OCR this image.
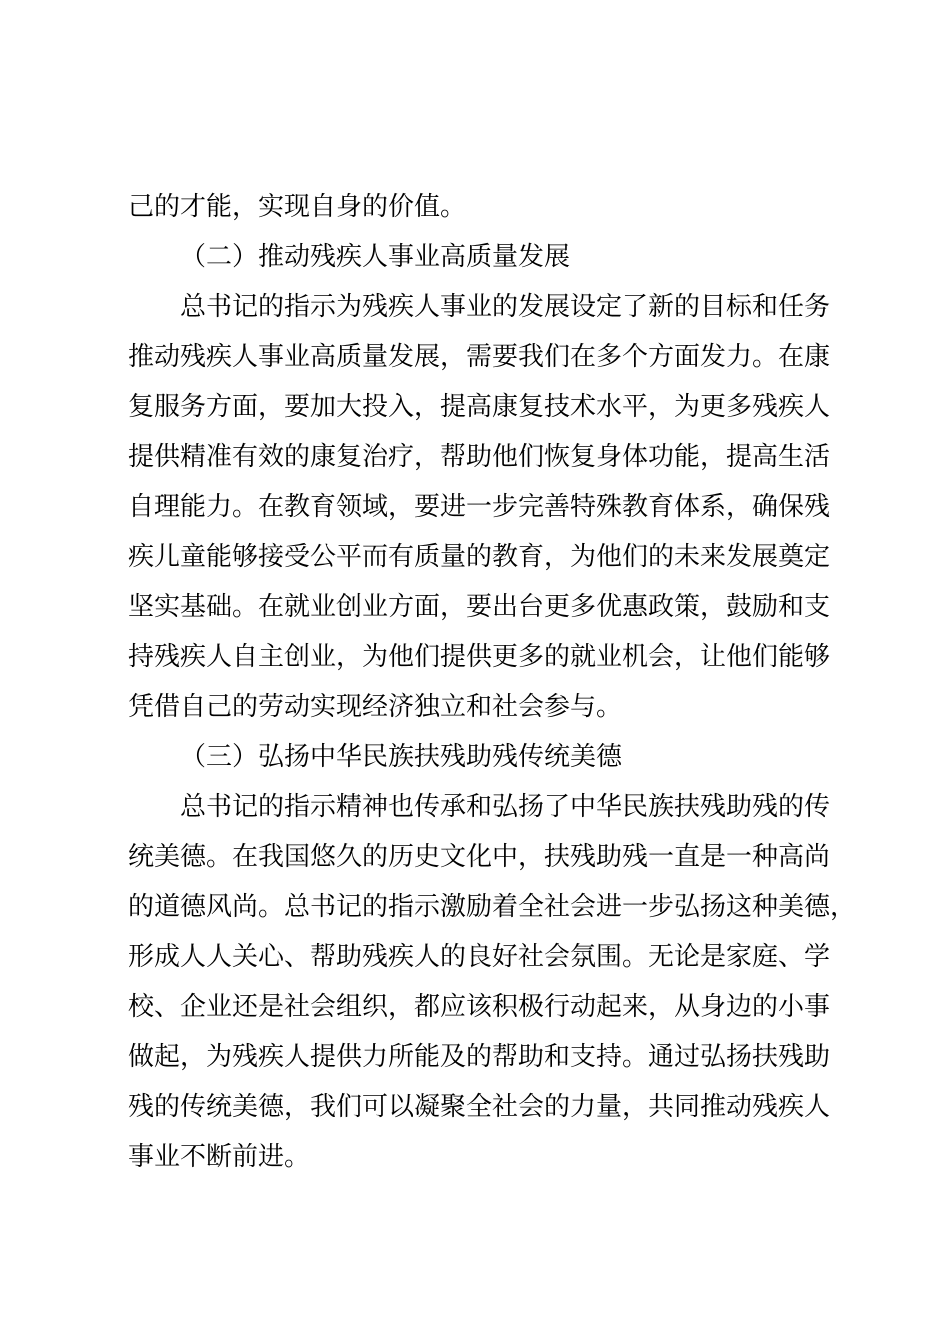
己的才能，实现自身的价值。
（二）推动残疾人事业高质量发展
总书记的指示为残疾人事业的发展设定了新的目标和任务
推动残疾人事业高质量发展，需要我们在多个方面发力。在康
复服务方面，要加大投入，提高康复技术水平，为更多残疾人
提供精准有效的康复治疗，帮助他们恢复身体功能，提高生活
自理能力。在教育领域，要进一步完善特殊教育体系，确保残
疾儿童能够接受公平而有质量的教育，为他们的未来发展奠定
坚实基础。在就业创业方面，要出台更多优惠政策，鼓励和支
持残疾人自主创业，为他们提供更多的就业机会，让他们能够
凭借自己的劳动实现经济独立和社会参与。
（三）弘扬中华民族扶残助残传统美德
总书记的指示精神也传承和弘扬了中华民族扶残助残的传
统美德。在我国悠久的历史文化中，扶残助残一直是一种高尚
的道德风尚。总书记的指示激励着全社会进一步弘扬这种美德，
形成人人关心、帮助残疾人的良好社会氛围。无论是家庭、学
校、企业还是社会组织，都应该积极行动起来，从身边的小事
做起，为残疾人提供力所能及的帮助和支持。通过弘扬扶残助
残的传统美德，我们可以凝聚全社会的力量，共同推动残疾人
事业不断前进。
